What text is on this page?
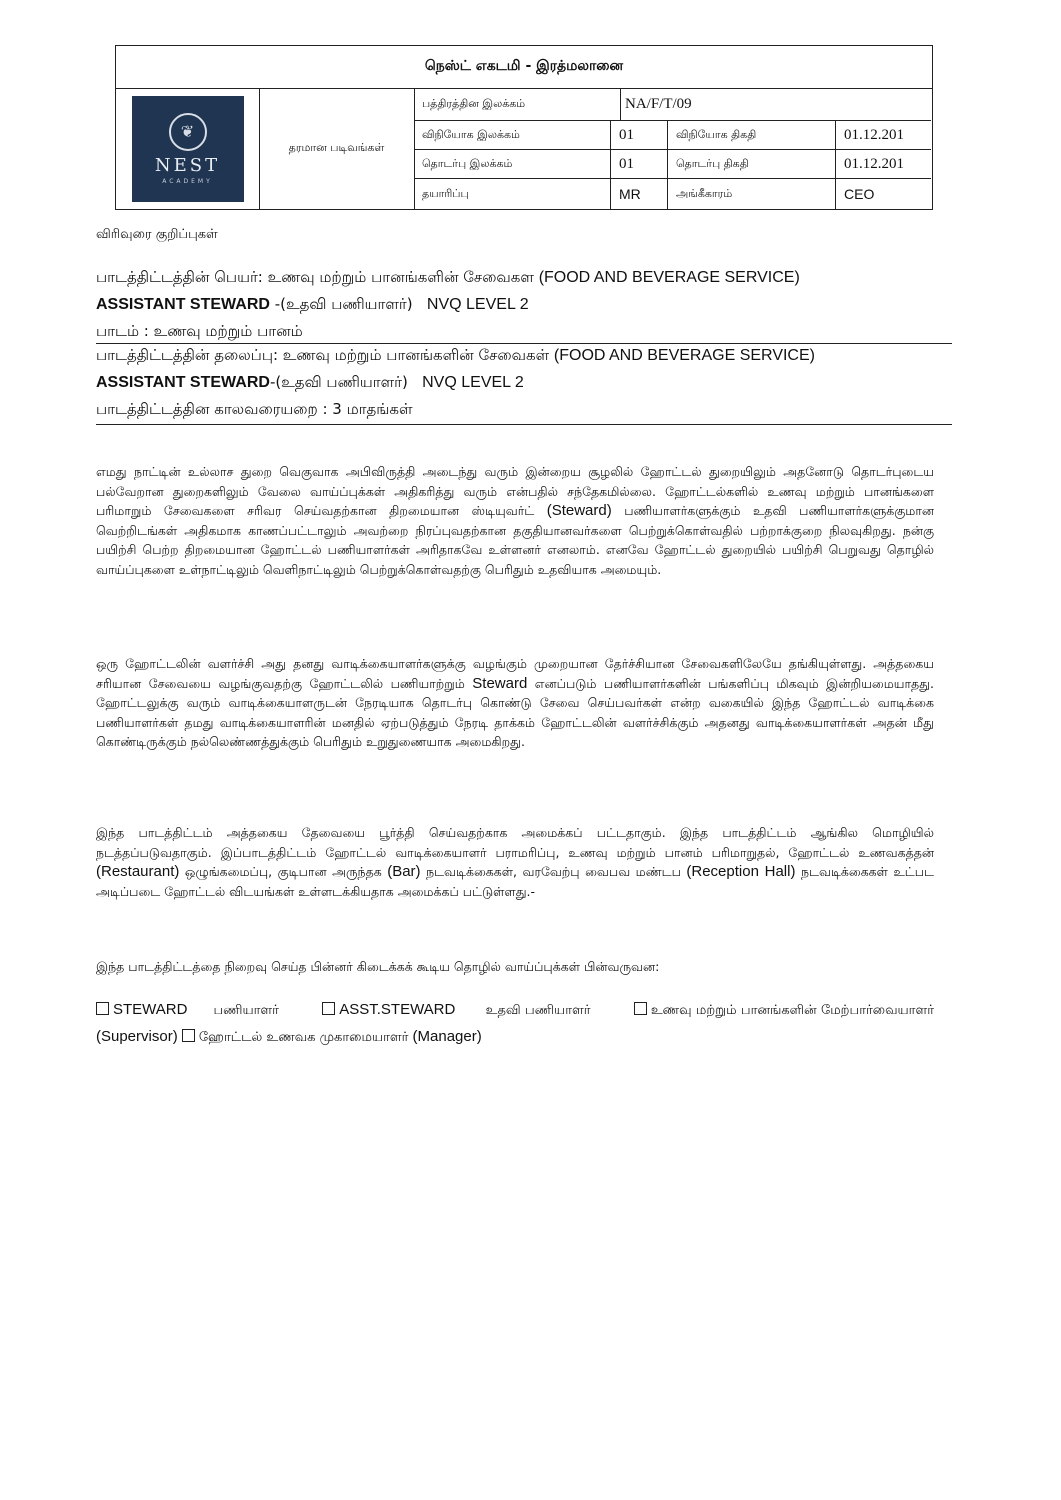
நெஸ்ட் எகடமி - இரத்மலானை
❦
NEST
ACADEMY
தரமான படிவங்கள்
பத்திரத்தின இலக்கம்	NA/F/T/09
விநியோக இலக்கம்	01	விநியோக திகதி	01.12.201
தொடர்பு இலக்கம்	01	தொடர்பு திகதி	01.12.201
தயாரிப்பு	MR	அங்கீகாரம்	CEO
விரிவுரை குறிப்புகள்
பாடத்திட்டத்தின் பெயர்: உணவு மற்றும் பானங்களின் சேவைகள (FOOD AND BEVERAGE SERVICE)
ASSISTANT STEWARD -(உதவி பணியாளர்) NVQ LEVEL 2
பாடம் : உணவு மற்றும் பானம்
பாடத்திட்டத்தின் தலைப்பு: உணவு மற்றும் பானங்களின் சேவைகள் (FOOD AND BEVERAGE SERVICE)
ASSISTANT STEWARD-(உதவி பணியாளர்) NVQ LEVEL 2
பாடத்திட்டத்தின காலவரையறை : 3 மாதங்கள்
எமது நாட்டின் உல்லாச துறை வெகுவாக அபிவிருத்தி அடைந்து வரும் இன்றைய சூழலில் ஹோட்டல் துறையிலும் அதனோடு தொடர்புடைய பல்வேறான துறைகளிலும் வேலை வாய்ப்புக்கள் அதிகரித்து வரும் என்பதில் சந்தேகமில்லை. ஹோட்டல்களில் உணவு மற்றும் பானங்களை பரிமாறும் சேவைகளை சரிவர செய்வதற்கான திறமையான ஸ்டியுவர்ட் (Steward) பணியாளர்களுக்கும் உதவி பணியாளர்களுக்குமான வெற்றிடங்கள் அதிகமாக காணப்பட்டாலும் அவற்றை நிரப்புவதற்கான தகுதியானவர்களை பெற்றுக்கொள்வதில் பற்றாக்குறை நிலவுகிறது. நன்கு பயிற்சி பெற்ற திறமையான ஹோட்டல் பணியாளர்கள் அரிதாகவே உள்ளனர் எனலாம். எனவே ஹோட்டல் துறையில் பயிற்சி பெறுவது தொழில் வாய்ப்புகளை உள்நாட்டிலும் வெளிநாட்டிலும் பெற்றுக்கொள்வதற்கு பெரிதும் உதவியாக அமையும்.
ஒரு ஹோட்டலின் வளர்ச்சி அது தனது வாடிக்கையாளர்களுக்கு வழங்கும் முறையான தேர்ச்சியான சேவைகளிலேயே தங்கியுள்ளது. அத்தகைய சரியான சேவையை வழங்குவதற்கு ஹோட்டலில் பணியாற்றும் Steward எனப்படும் பணியாளர்களின் பங்களிப்பு மிகவும் இன்றியமையாதது. ஹோட்டலுக்கு வரும் வாடிக்கையாளருடன் நேரடியாக தொடர்பு கொண்டு சேவை செய்பவர்கள் என்ற வகையில் இந்த ஹோட்டல் வாடிக்கை பணியாளர்கள் தமது வாடிக்கையாளரின் மனதில் ஏற்படுத்தும் நேரடி தாக்கம் ஹோட்டலின் வளர்ச்சிக்கும் அதனது வாடிக்கையாளர்கள் அதன் மீது கொண்டிருக்கும் நல்லெண்ணத்துக்கும் பெரிதும் உறுதுணையாக அமைகிறது.
இந்த பாடத்திட்டம் அத்தகைய தேவையை பூர்த்தி செய்வதற்காக அமைக்கப் பட்டதாகும். இந்த பாடத்திட்டம் ஆங்கில மொழியில் நடத்தப்படுவதாகும். இப்பாடத்திட்டம் ஹோட்டல் வாடிக்கையாளர் பராமரிப்பு, உணவு மற்றும் பானம் பரிமாறுதல், ஹோட்டல் உணவகத்தன் (Restaurant) ஒழுங்கமைப்பு, குடிபான அருந்தக (Bar) நடவடிக்கைகள், வரவேற்பு வைபவ மண்டப (Reception Hall) நடவடிக்கைகள் உட்பட அடிப்படை ஹோட்டல் விடயங்கள் உள்ளடக்கியதாக அமைக்கப் பட்டுள்ளது.-
இந்த பாடத்திட்டத்தை நிறைவு செய்த பின்னர் கிடைக்கக் கூடிய தொழில் வாய்ப்புக்கள் பின்வருவன:
STEWARD பணியாளர்	ASST.STEWARD உதவி பணியாளர்	உணவு மற்றும் பானங்களின் மேற்பார்வையாளர் (Supervisor) ஹோட்டல் உணவக முகாமையாளர் (Manager)
